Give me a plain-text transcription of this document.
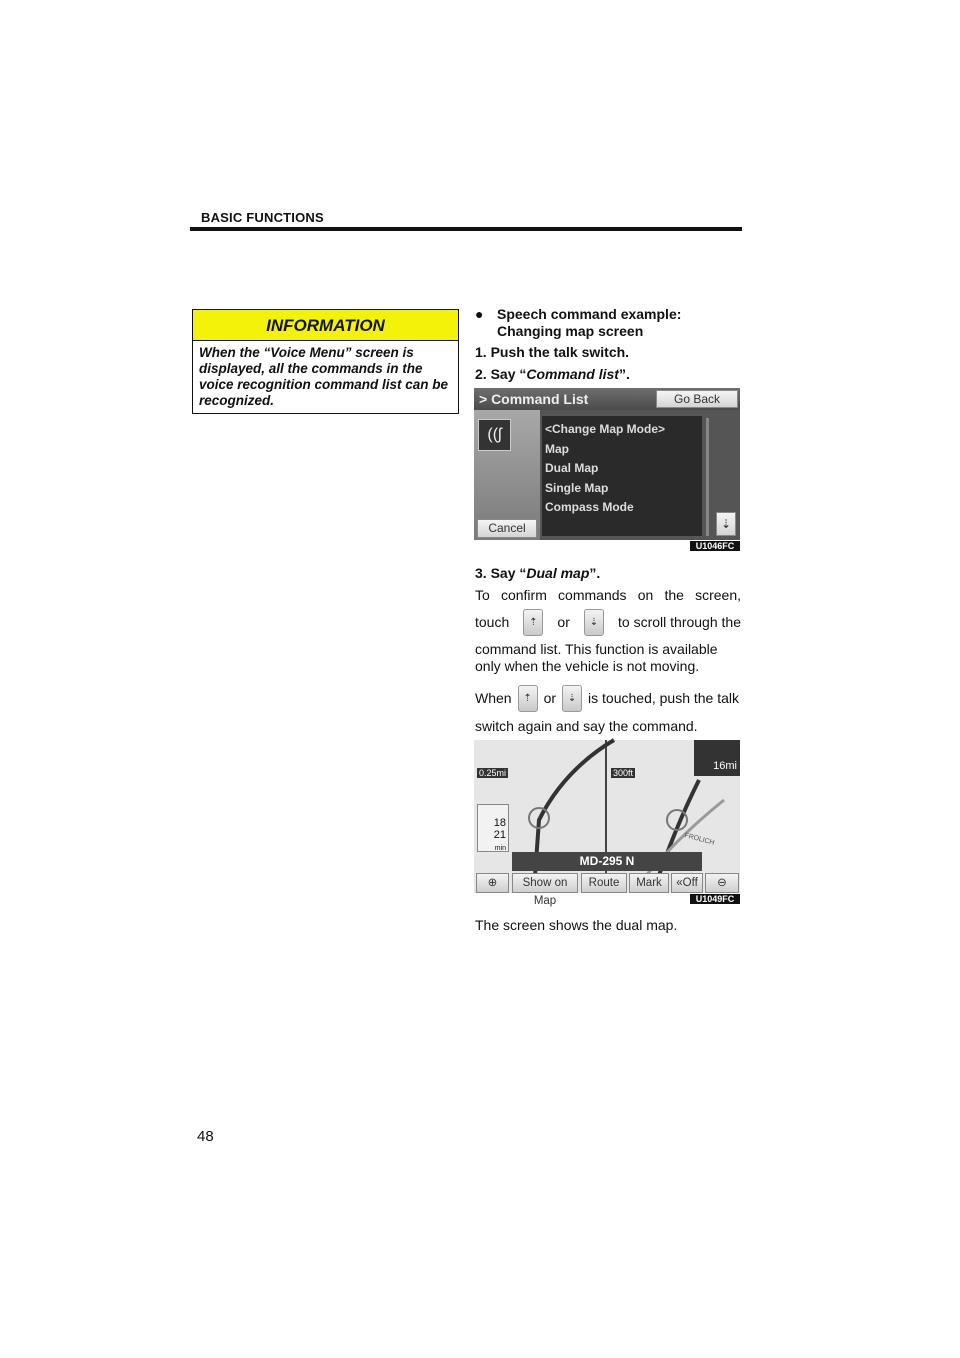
BASIC FUNCTIONS
INFORMATION
When the “Voice Menu” screen is displayed, all the commands in the voice recognition command list can be recognized.
● Speech command example: Changing map screen
1. Push the talk switch.
2. Say “Command list”.
> Command List	Go Back
((ʃ
Cancel
<Change Map Mode>
Map
Dual Map
Single Map
Compass Mode
⇣
U1046FC
3. Say “Dual map”.
To confirm commands on the screen,
touch	⇡	or	⇣	to scroll through the
command list. This function is available only when the vehicle is not moving.
When	⇡ or	⇣ is touched, push the talk
switch again and say the command.
0.25mi	300ft
16mi

18
21
min
FROLICH
MD-295 N
⊕	Show on Map
Route	Mark	«Off	⊖
U1049FC
The screen shows the dual map.
48
